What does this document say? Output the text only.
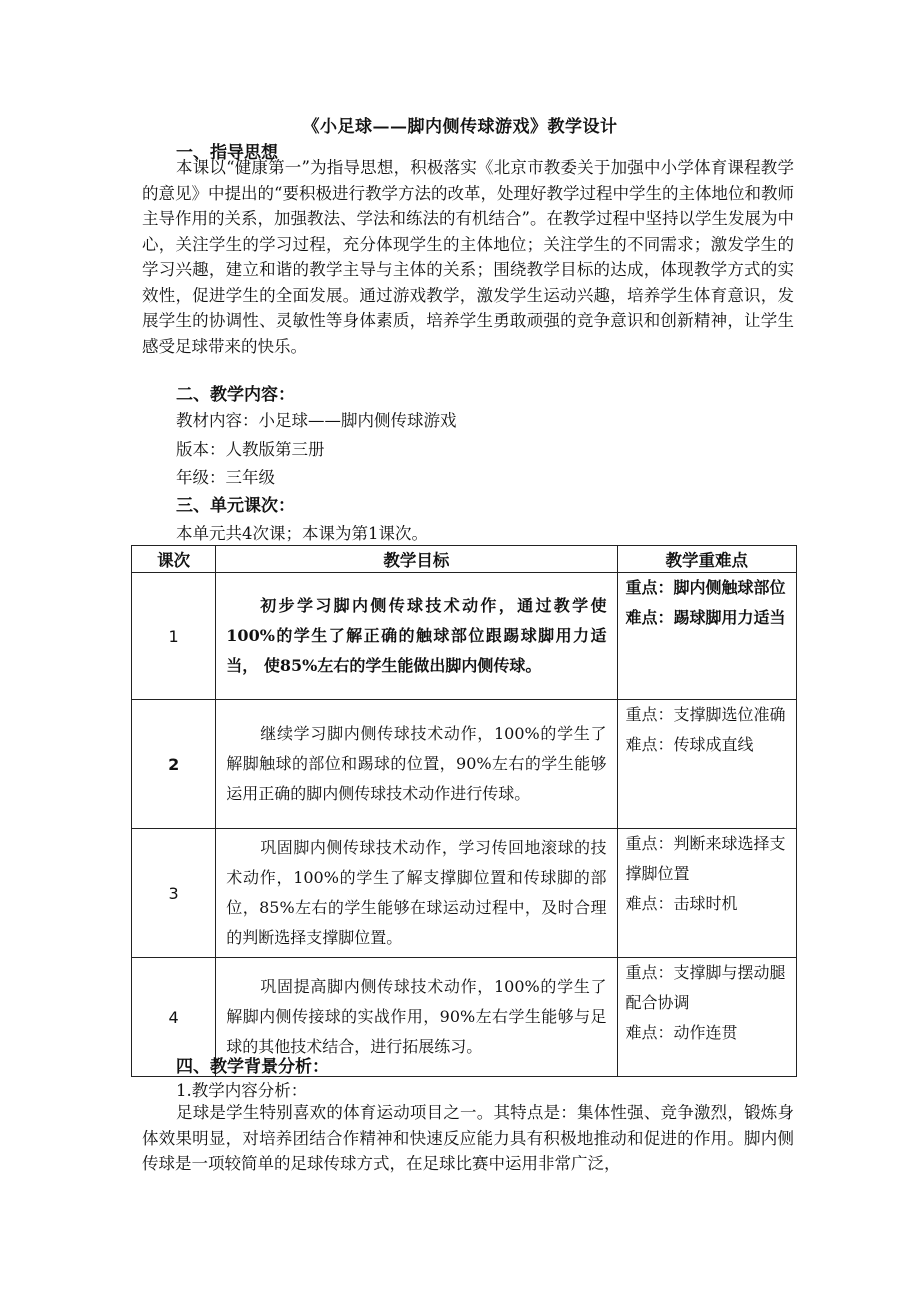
《小足球——脚内侧传球游戏》教学设计
一、指导思想

本课以“健康第一”为指导思想，积极落实《北京市教委关于加强中小学体育课程教学的意见》中提出的“要积极进行教学方法的改革，处理好教学过程中学生的主体地位和教师主导作用的关系，加强教法、学法和练法的有机结合”。在教学过程中坚持以学生发展为中心，关注学生的学习过程，充分体现学生的主体地位；关注学生的不同需求；激发学生的学习兴趣，建立和谐的教学主导与主体的关系；围绕教学目标的达成，体现教学方式的实效性，促进学生的全面发展。通过游戏教学，激发学生运动兴趣，培养学生体育意识，发展学生的协调性、灵敏性等身体素质，培养学生勇敢顽强的竞争意识和创新精神，让学生感受足球带来的快乐。

二、教学内容：
教材内容：小足球——脚内侧传球游戏
版本：人教版第三册
年级：三年级
三、单元课次：
本单元共4次课；本课为第1课次。
课次	教学目标	教学重难点
1	初步学习脚内侧传球技术动作，通过教学使100%的学生了解正确的触球部位跟踢球脚用力适当， 使85%左右的学生能做出脚内侧传球。	重点：脚内侧触球部位
难点：踢球脚用力适当

2	继续学习脚内侧传球技术动作，100%的学生了解脚触球的部位和踢球的位置，90%左右的学生能够运用正确的脚内侧传球技术动作进行传球。	重点：支撑脚选位准确
难点：传球成直线

3	巩固脚内侧传球技术动作，学习传回地滚球的技术动作，100%的学生了解支撑脚位置和传球脚的部位，85%左右的学生能够在球运动过程中，及时合理的判断选择支撑脚位置。	重点：判断来球选择支撑脚位置
难点：击球时机

4	巩固提高脚内侧传球技术动作，100%的学生了解脚内侧传接球的实战作用，90%左右学生能够与足球的其他技术结合，进行拓展练习。	重点：支撑脚与摆动腿配合协调
难点：动作连贯
四、教学背景分析：
1.教学内容分析：

足球是学生特别喜欢的体育运动项目之一。其特点是：集体性强、竞争激烈，锻炼身体效果明显，对培养团结合作精神和快速反应能力具有积极地推动和促进的作用。脚内侧传球是一项较简单的足球传球方式，在足球比赛中运用非常广泛，
